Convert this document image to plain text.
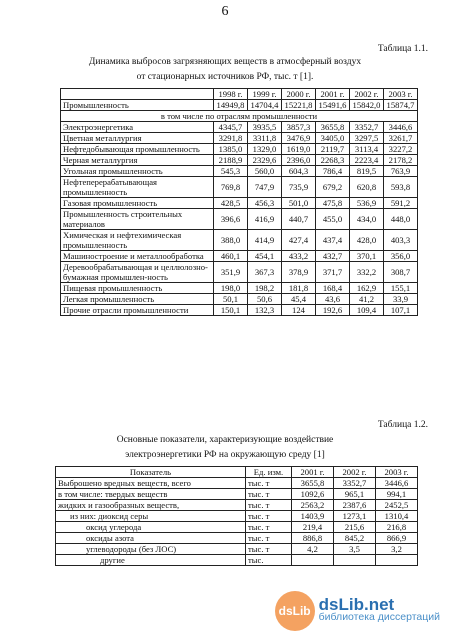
6
Таблица 1.1.
Динамика выбросов загрязняющих веществ в атмосферный воздух
от стационарных источников РФ, тыс. т [1].
	1998 г.	1999 г.	2000 г.	2001 г.	2002 г.	2003 г.
Промышленность	14949,8	14704,4	15221,8	15491,6	15842,0	15874,7
в том числе по отраслям промышленности						
Электроэнергетика	4345,7	3935,5	3857,3	3655,8	3352,7	3446,6
Цветная металлургия	3291,8	3311,8	3476,9	3405,0	3297,5	3261,7
Нефтедобывающая промышленность	1385,0	1329,0	1619,0	2119,7	3113,4	3227,2
Черная металлургия	2188,9	2329,6	2396,0	2268,3	2223,4	2178,2
Угольная промышленность	545,3	560,0	604,3	786,4	819,5	763,9
Нефтеперерабатывающая промышленность	769,8	747,9	735,9	679,2	620,8	593,8
Газовая промышленность	428,5	456,3	501,0	475,8	536,9	591,2
Промышленность строительных материалов	396,6	416,9	440,7	455,0	434,0	448,0
Химическая и нефтехимическая промышленность	388,0	414,9	427,4	437,4	428,0	403,3
Машиностроение и металлообработка	460,1	454,1	433,2	432,7	370,1	356,0
Деревообрабатывающая и целлюлозно-бумажная промышлен-ность	351,9	367,3	378,9	371,7	332,2	308,7
Пищевая промышленность	198,0	198,2	181,8	168,4	162,9	155,1
Легкая промышленность	50,1	50,6	45,4	43,6	41,2	33,9
Прочие отрасли промышленности	150,1	132,3	124	192,6	109,4	107,1
Таблица 1.2.
Основные показатели, характеризующие воздействие
электроэнергетики РФ на окружающую среду [1]
Показатель	Ед. изм.	2001 г.	2002 г.	2003 г.
Выброшено вредных веществ, всего	тыс. т	3655,8	3352,7	3446,6
в том числе: твердых веществ	тыс. т	1092,6	965,1	994,1
жидких и газообразных веществ,	тыс. т	2563,2	2387,6	2452,5
из них: диоксид серы	тыс. т	1403,9	1273,1	1310,4
оксид углерода	тыс. т	219,4	215,6	216,8
оксиды азота	тыс. т	886,8	845,2	866,9
углеводороды (без ЛОС)	тыс. т	4,2	3,5	3,2
другие	тыс.			
dsLib dsLib.net
библиотека диссертаций
